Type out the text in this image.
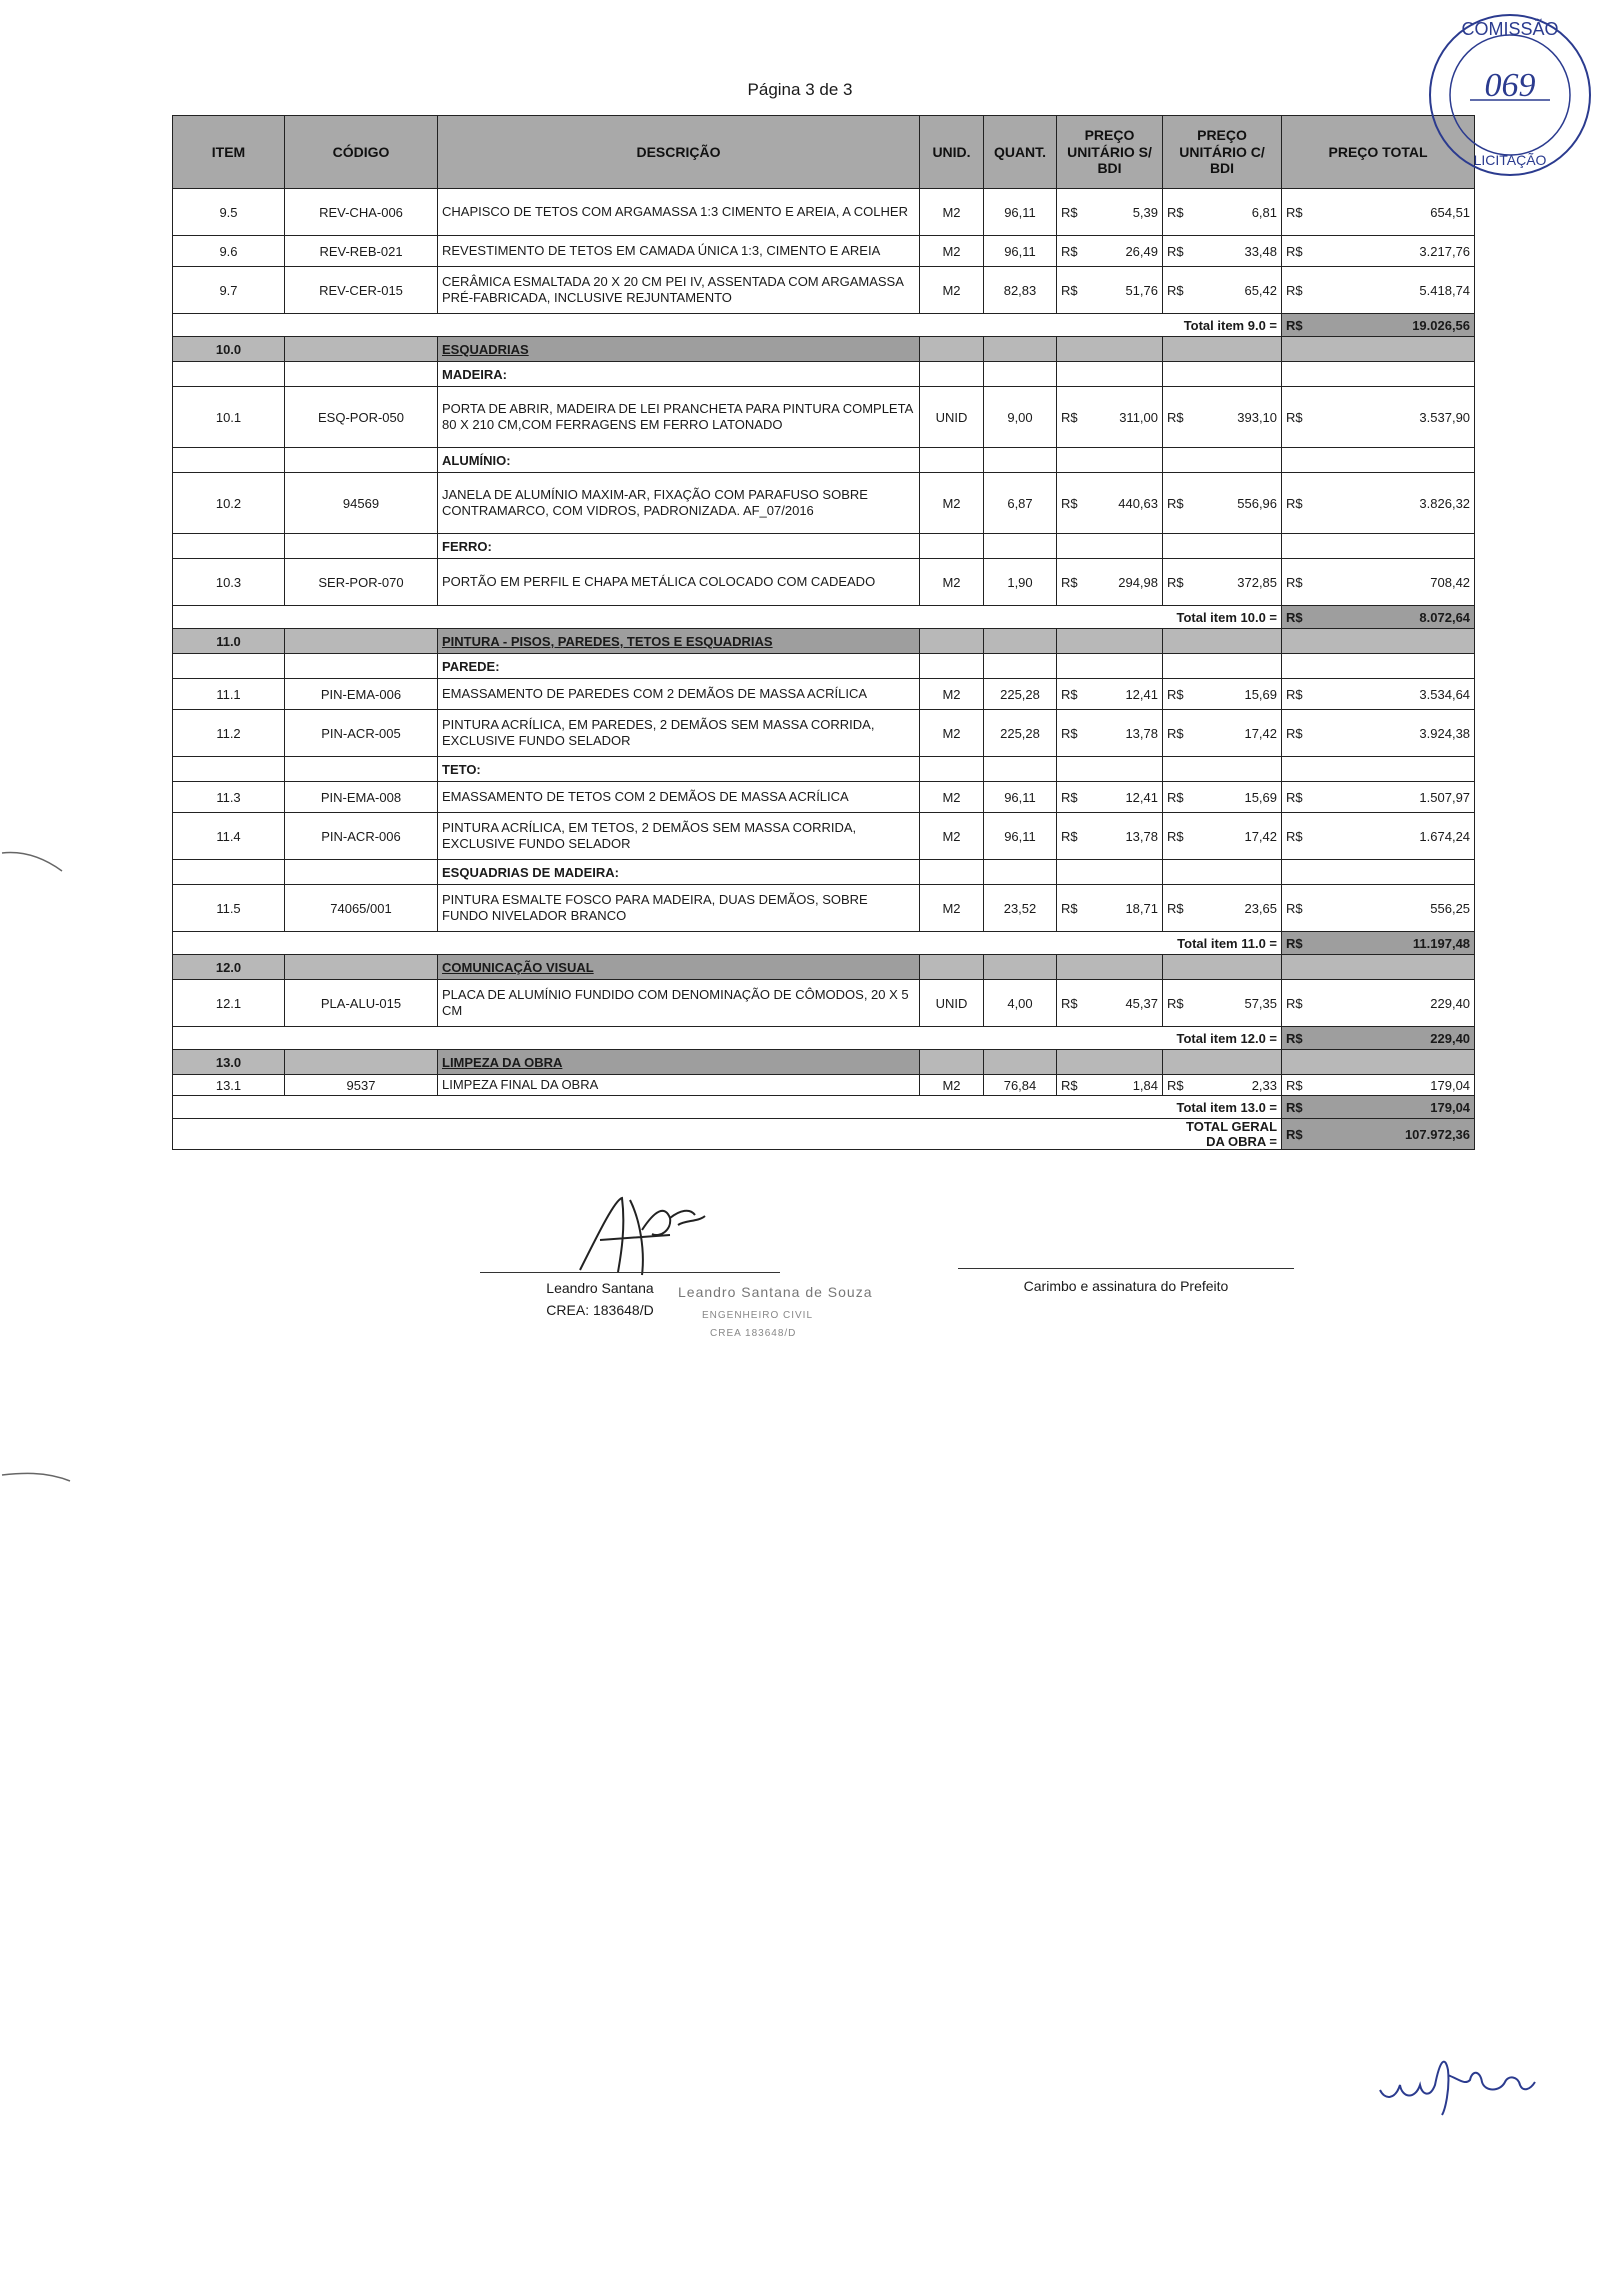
Página 3 de 3
ITEM	CÓDIGO	DESCRIÇÃO	UNID.	QUANT.	PREÇO UNITÁRIO S/ BDI		PREÇO UNITÁRIO C/ BDI		PREÇO TOTAL	
9.5	REV-CHA-006	CHAPISCO DE TETOS COM ARGAMASSA 1:3 CIMENTO E AREIA, A COLHER	M2	96,11	R$	5,39	R$	6,81	R$	654,51
9.6	REV-REB-021	REVESTIMENTO DE TETOS EM CAMADA ÚNICA 1:3, CIMENTO E AREIA	M2	96,11	R$	26,49	R$	33,48	R$	3.217,76
9.7	REV-CER-015	CERÂMICA ESMALTADA 20 X 20 CM PEI IV, ASSENTADA COM ARGAMASSA PRÉ-FABRICADA, INCLUSIVE REJUNTAMENTO	M2	82,83	R$	51,76	R$	65,42	R$	5.418,74
							Total item 9.0 =		R$	19.026,56
10.0		ESQUADRIAS								
		MADEIRA:								
10.1	ESQ-POR-050	PORTA DE ABRIR, MADEIRA DE LEI PRANCHETA PARA PINTURA COMPLETA 80 X 210 CM,COM FERRAGENS EM FERRO LATONADO	UNID	9,00	R$	311,00	R$	393,10	R$	3.537,90
		ALUMÍNIO:								
10.2	94569	JANELA DE ALUMÍNIO MAXIM-AR, FIXAÇÃO COM PARAFUSO SOBRE CONTRAMARCO, COM VIDROS, PADRONIZADA. AF_07/2016	M2	6,87	R$	440,63	R$	556,96	R$	3.826,32
		FERRO:								
10.3	SER-POR-070	PORTÃO EM PERFIL E CHAPA METÁLICA COLOCADO COM CADEADO	M2	1,90	R$	294,98	R$	372,85	R$	708,42
							Total item 10.0 =		R$	8.072,64
11.0		PINTURA - PISOS, PAREDES, TETOS E ESQUADRIAS								
		PAREDE:								
11.1	PIN-EMA-006	EMASSAMENTO DE PAREDES COM 2 DEMÃOS DE MASSA ACRÍLICA	M2	225,28	R$	12,41	R$	15,69	R$	3.534,64
11.2	PIN-ACR-005	PINTURA ACRÍLICA, EM PAREDES, 2 DEMÃOS SEM MASSA CORRIDA, EXCLUSIVE FUNDO SELADOR	M2	225,28	R$	13,78	R$	17,42	R$	3.924,38
		TETO:								
11.3	PIN-EMA-008	EMASSAMENTO DE TETOS COM 2 DEMÃOS DE MASSA ACRÍLICA	M2	96,11	R$	12,41	R$	15,69	R$	1.507,97
11.4	PIN-ACR-006	PINTURA ACRÍLICA, EM TETOS, 2 DEMÃOS SEM MASSA CORRIDA, EXCLUSIVE FUNDO SELADOR	M2	96,11	R$	13,78	R$	17,42	R$	1.674,24
		ESQUADRIAS DE MADEIRA:								
11.5	74065/001	PINTURA ESMALTE FOSCO PARA MADEIRA, DUAS DEMÃOS, SOBRE FUNDO NIVELADOR BRANCO	M2	23,52	R$	18,71	R$	23,65	R$	556,25
							Total item 11.0 =		R$	11.197,48
12.0		COMUNICAÇÃO VISUAL								
12.1	PLA-ALU-015	PLACA DE ALUMÍNIO FUNDIDO COM DENOMINAÇÃO DE CÔMODOS, 20 X 5 CM	UNID	4,00	R$	45,37	R$	57,35	R$	229,40
							Total item 12.0 =		R$	229,40
13.0		LIMPEZA DA OBRA								
13.1	9537	LIMPEZA FINAL DA OBRA	M2	76,84	R$	1,84	R$	2,33	R$	179,04
							Total item 13.0 =		R$	179,04
							TOTAL GERAL DA OBRA =		R$	107.972,36
Leandro Santana
CREA: 183648/D
Leandro Santana de Souza
ENGENHEIRO CIVIL
CREA 183648/D
Carimbo e assinatura do Prefeito
COMISSÃO
069
LICITAÇÃO
